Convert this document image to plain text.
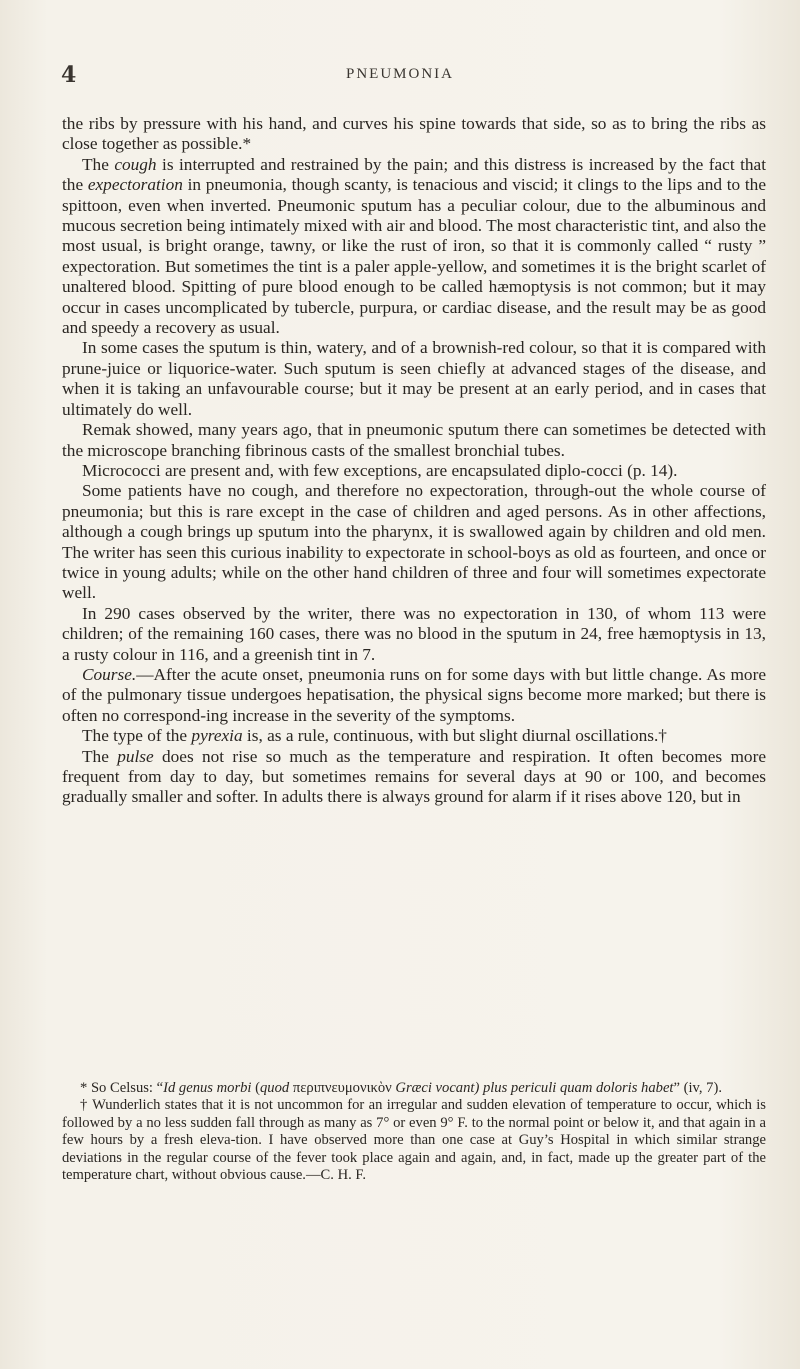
4	PNEUMONIA

the ribs by pressure with his hand, and curves his spine towards that side, so as to bring the ribs as close together as possible.*

The cough is interrupted and restrained by the pain; and this distress is increased by the fact that the expectoration in pneumonia, though scanty, is tenacious and viscid; it clings to the lips and to the spittoon, even when inverted. Pneumonic sputum has a peculiar colour, due to the albuminous and mucous secretion being intimately mixed with air and blood. The most characteristic tint, and also the most usual, is bright orange, tawny, or like the rust of iron, so that it is commonly called “ rusty ” expectoration. But sometimes the tint is a paler apple-yellow, and sometimes it is the bright scarlet of unaltered blood. Spitting of pure blood enough to be called hæmoptysis is not common; but it may occur in cases uncomplicated by tubercle, purpura, or cardiac disease, and the result may be as good and speedy a recovery as usual.

In some cases the sputum is thin, watery, and of a brownish-red colour, so that it is compared with prune-juice or liquorice-water. Such sputum is seen chiefly at advanced stages of the disease, and when it is taking an unfavourable course; but it may be present at an early period, and in cases that ultimately do well.

Remak showed, many years ago, that in pneumonic sputum there can sometimes be detected with the microscope branching fibrinous casts of the smallest bronchial tubes.

Micrococci are present and, with few exceptions, are encapsulated diplo-cocci (p. 14).

Some patients have no cough, and therefore no expectoration, through-out the whole course of pneumonia; but this is rare except in the case of children and aged persons. As in other affections, although a cough brings up sputum into the pharynx, it is swallowed again by children and old men. The writer has seen this curious inability to expectorate in school-boys as old as fourteen, and once or twice in young adults; while on the other hand children of three and four will sometimes expectorate well.

In 290 cases observed by the writer, there was no expectoration in 130, of whom 113 were children; of the remaining 160 cases, there was no blood in the sputum in 24, free hæmoptysis in 13, a rusty colour in 116, and a greenish tint in 7.

Course.—After the acute onset, pneumonia runs on for some days with but little change. As more of the pulmonary tissue undergoes hepatisation, the physical signs become more marked; but there is often no correspond-ing increase in the severity of the symptoms.

The type of the pyrexia is, as a rule, continuous, with but slight diurnal oscillations.†

The pulse does not rise so much as the temperature and respiration. It often becomes more frequent from day to day, but sometimes remains for several days at 90 or 100, and becomes gradually smaller and softer. In adults there is always ground for alarm if it rises above 120, but in

* So Celsus: “Id genus morbi (quod περιπνευμονικὸν Græci vocant) plus periculi quam doloris habet” (iv, 7).

† Wunderlich states that it is not uncommon for an irregular and sudden elevation of temperature to occur, which is followed by a no less sudden fall through as many as 7° or even 9° F. to the normal point or below it, and that again in a few hours by a fresh eleva-tion. I have observed more than one case at Guy’s Hospital in which similar strange deviations in the regular course of the fever took place again and again, and, in fact, made up the greater part of the temperature chart, without obvious cause.—C. H. F.
